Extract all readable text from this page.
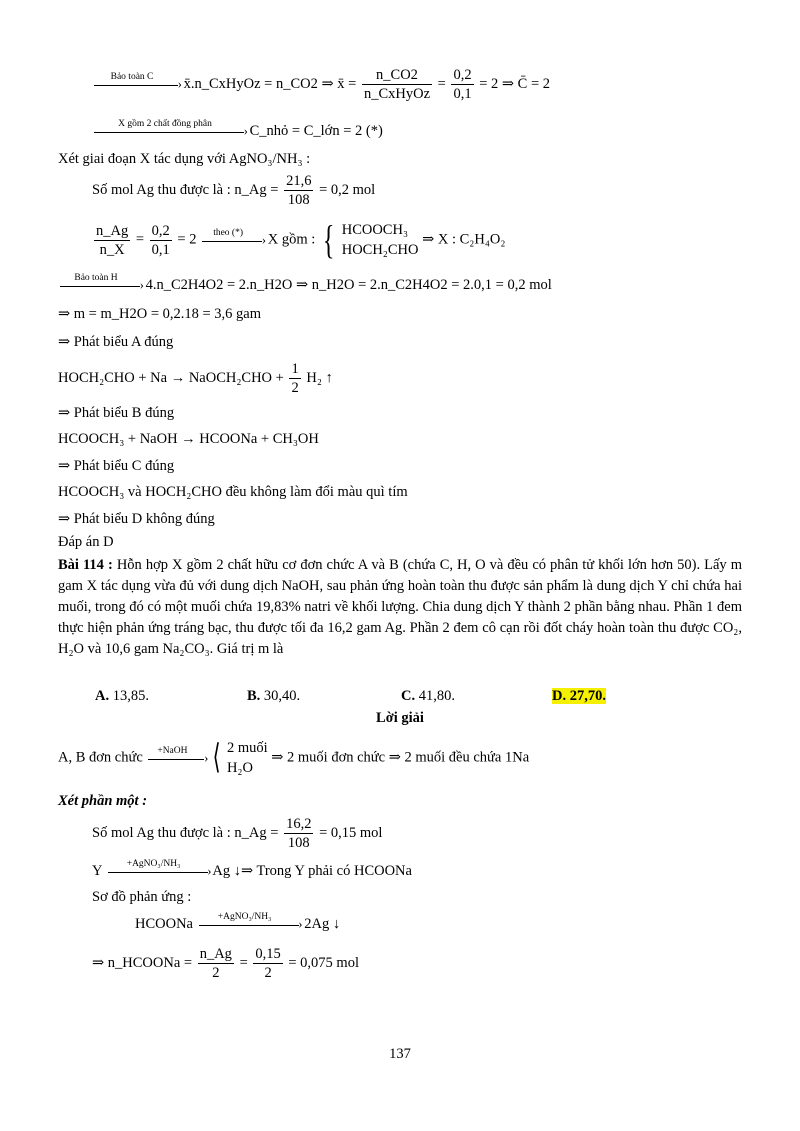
Bảo toàn C	› x̄.n_CxHyOz = n_CO2 ⇒ x̄ = $\frac{n\_CO2}{\text{n\_CxHyOz}} = \frac{0,2}{0,1} = 2$ ⇒ C̄ = 2
X gồm 2 chất đồng phân	› C_nhỏ = C_lớn = 2 (*)
Xét giai đoạn X tác dụng với AgNO₃/NH₃ :
Số mol Ag thu được là : n_Ag = $\frac{21,6}{108} = 0,2$ mol
$\frac{n\_Ag}{n\_X} = \frac{0,2}{0,1} = 2$	theo (*)	› X gồm : { HCOOCH₃
HOCH₂CHO
⇒ X : C₂H₄O₂
Bảo toàn H	› 4.n_C2H4O2 = 2.n_H2O ⇒ n_H2O = 2.n_C2H4O2 = 2.0,1 = 0,2 mol
⇒ m = m_H2O = 0,2.18 = 3,6 gam
⇒ Phát biểu A đúng
HOCH₂CHO + Na → NaOCH₂CHO + $\frac{1}{2} H_2$ ↑
⇒ Phát biểu B đúng
HCOOCH₃ + NaOH → HCOONa + CH₃OH
⇒ Phát biểu C đúng
HCOOCH₃ và HOCH₂CHO đều không làm đổi màu quì tím
⇒ Phát biểu D không đúng
Đáp án D
Bài 114 : Hỗn hợp X gồm 2 chất hữu cơ đơn chức A và B (chứa C, H, O và đều có phân tử khối lớn hơn 50). Lấy m gam X tác dụng vừa đủ với dung dịch NaOH, sau phản ứng hoàn toàn thu được sản phẩm là dung dịch Y chỉ chứa hai muối, trong đó có một muối chứa 19,83% natri về khối lượng. Chia dung dịch Y thành 2 phần bằng nhau. Phần 1 đem thực hiện phản ứng tráng bạc, thu được tối đa 16,2 gam Ag. Phần 2 đem cô cạn rồi đốt cháy hoàn toàn thu được CO₂, H₂O và 10,6 gam Na₂CO₃. Giá trị m là
A. 13,85.	B. 30,40.	C. 41,80.	D. 27,70.
Lời giải
A, B đơn chức	+NaOH	› ⟨ 2 muối
H₂O
⇒ 2 muối đơn chức ⇒ 2 muối đều chứa 1Na
Xét phần một :
Số mol Ag thu được là : n_Ag = $\frac{16,2}{108} = 0,15$ mol
Y	+AgNO₃/NH₃	› Ag ↓⇒ Trong Y phải có HCOONa
Sơ đồ phản ứng :
HCOONa	+AgNO₃/NH₃	› 2Ag ↓
⇒ n_HCOONa = $\frac{n\_Ag}{2} = \frac{0,15}{2} = 0,075$ mol
137
